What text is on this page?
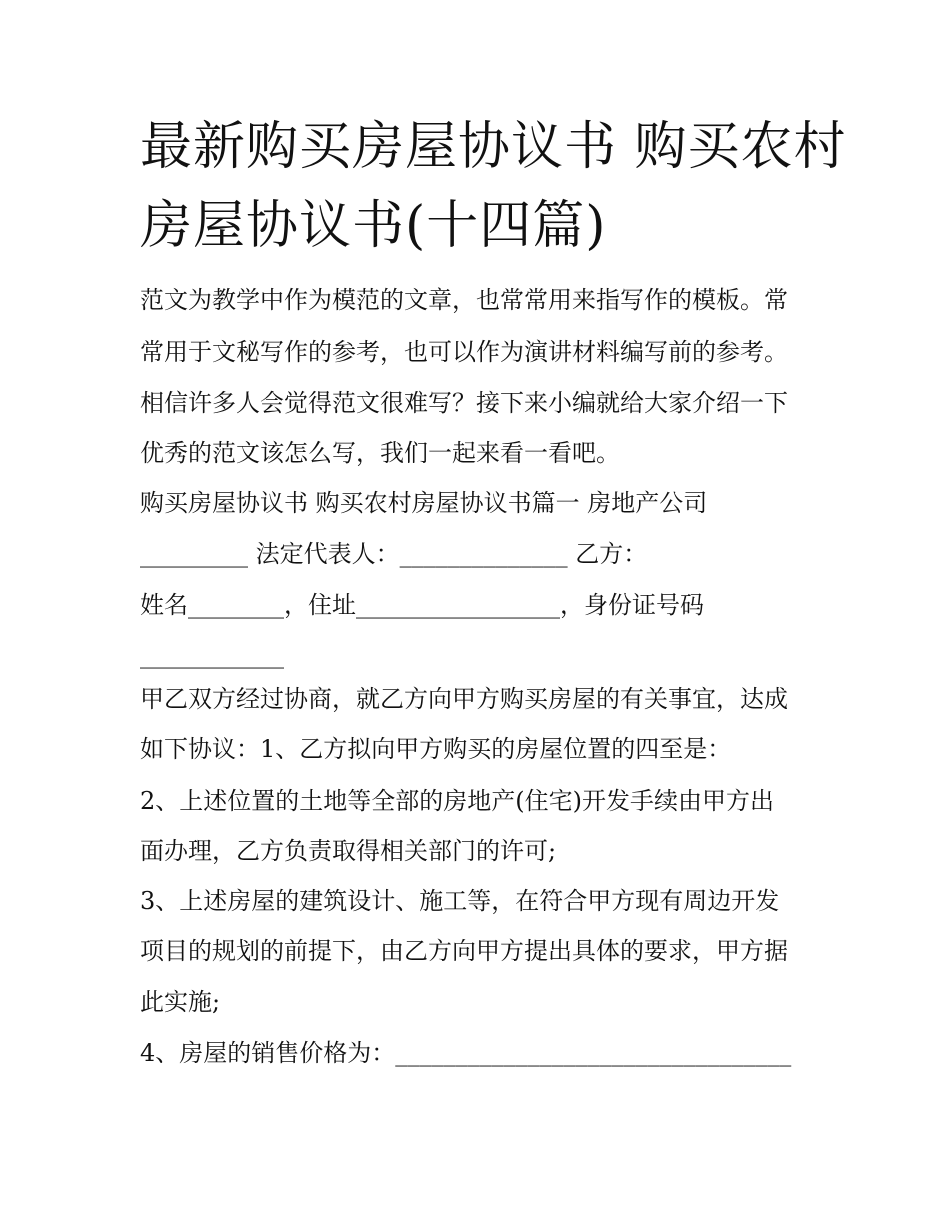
最新购买房屋协议书 购买农村
房屋协议书(十四篇)

范文为教学中作为模范的文章，也常常用来指写作的模板。常

常用于文秘写作的参考，也可以作为演讲材料编写前的参考。

相信许多人会觉得范文很难写？接下来小编就给大家介绍一下

优秀的范文该怎么写，我们一起来看一看吧。

购买房屋协议书 购买农村房屋协议书篇一 房地产公司

_________ 法定代表人：______________ 乙方：

姓名________，住址_________________，身份证号码

____________

甲乙双方经过协商，就乙方向甲方购买房屋的有关事宜，达成

如下协议：1、乙方拟向甲方购买的房屋位置的四至是：

2、上述位置的土地等全部的房地产(住宅)开发手续由甲方出

面办理，乙方负责取得相关部门的许可;

3、上述房屋的建筑设计、施工等，在符合甲方现有周边开发

项目的规划的前提下，由乙方向甲方提出具体的要求，甲方据

此实施;

4、房屋的销售价格为：_________________________________
